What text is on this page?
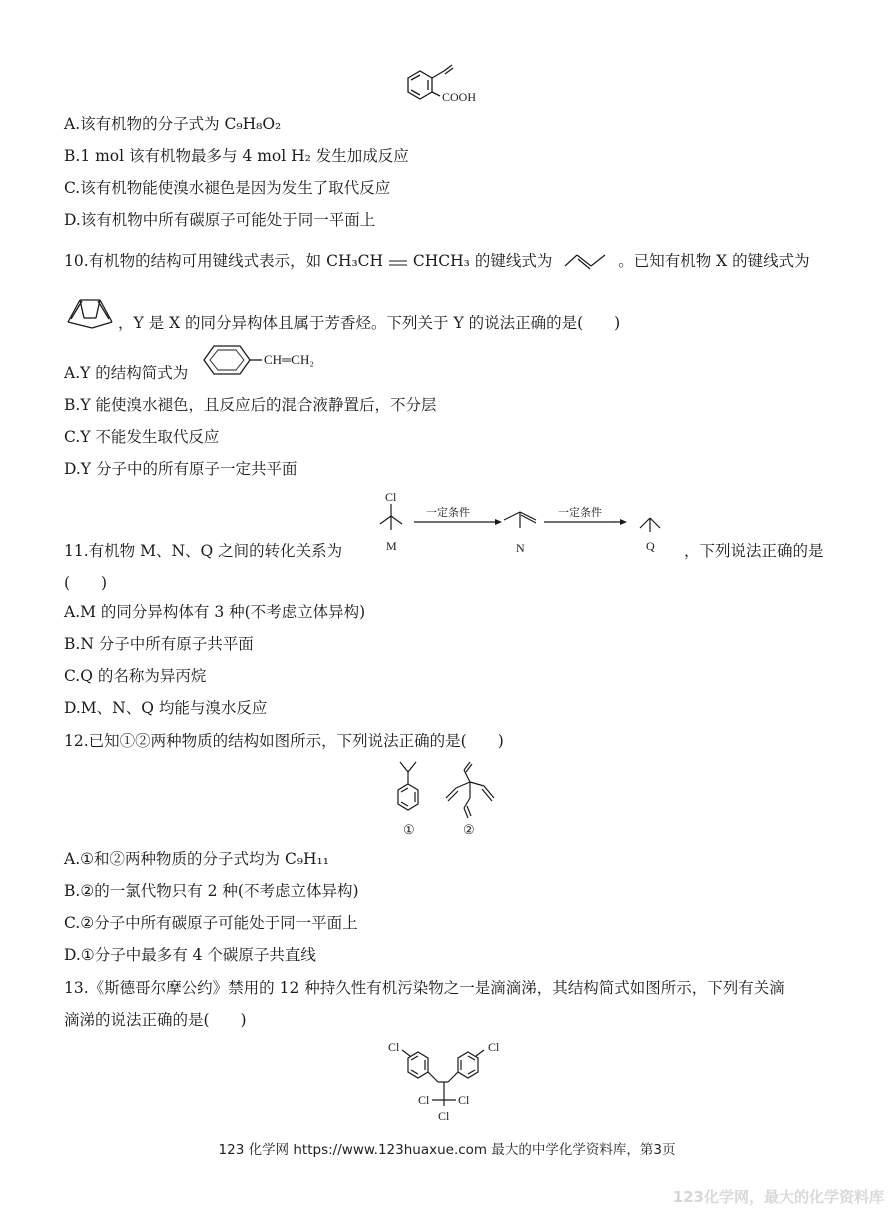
COOH
A.该有机物的分子式为 C₉H₈O₂
B.1 mol 该有机物最多与 4 mol H₂ 发生加成反应
C.该有机物能使溴水褪色是因为发生了取代反应
D.该有机物中所有碳原子可能处于同一平面上
10.有机物的结构可用键线式表示，如 CH₃CH CHCH₃ 的键线式为	。已知有机物 X 的键线式为
，Y 是 X 的同分异构体且属于芳香烃。下列关于 Y 的说法正确的是(　　)
A.Y 的结构简式为
CH═CH₂
B.Y 能使溴水褪色，且反应后的混合液静置后，不分层
C.Y 不能发生取代反应
D.Y 分子中的所有原子一定共平面
11.有机物 M、N、Q 之间的转化关系为
Cl
M
一定条件
N
一定条件
Q ，下列说法正确的是
(　　)
A.M 的同分异构体有 3 种(不考虑立体异构)
B.N 分子中所有原子共平面
C.Q 的名称为异丙烷
D.M、N、Q 均能与溴水反应
12.已知①②两种物质的结构如图所示，下列说法正确的是(　　)
①	②
A.①和②两种物质的分子式均为 C₉H₁₁
B.②的一氯代物只有 2 种(不考虑立体异构)
C.②分子中所有碳原子可能处于同一平面上
D.①分子中最多有 4 个碳原子共直线
13.《斯德哥尔摩公约》禁用的 12 种持久性有机污染物之一是滴滴涕，其结构简式如图所示，下列有关滴
滴涕的说法正确的是(　　)
Cl	Cl
Cl Cl
Cl
123 化学网 https://www.123huaxue.com 最大的中学化学资料库，第3页
123化学网，最大的化学资料库
